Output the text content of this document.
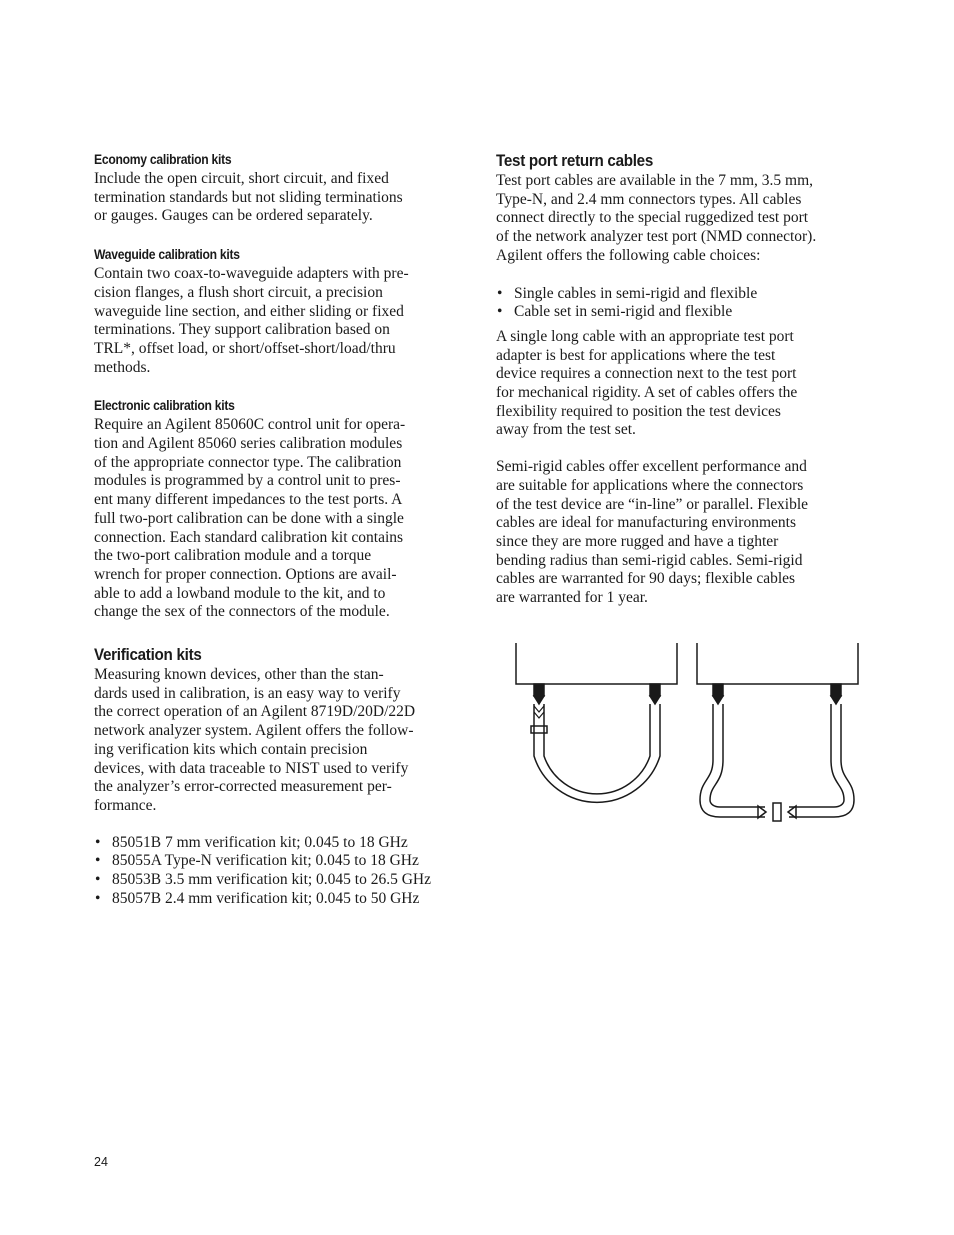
Economy calibration kits

Include the open circuit, short circuit, and fixed
termination standards but not sliding terminations
or gauges. Gauges can be ordered separately.

Waveguide calibration kits

Contain two coax-to-waveguide adapters with pre-
cision flanges, a flush short circuit, a precision
waveguide line section, and either sliding or fixed
terminations. They support calibration based on
TRL*, offset load, or short/offset-short/load/thru
methods.

Electronic calibration kits

Require an Agilent 85060C control unit for opera-
tion and Agilent 85060 series calibration modules
of the appropriate connector type. The calibration
modules is programmed by a control unit to pres-
ent many different impedances to the test ports. A
full two-port calibration can be done with a single
connection. Each standard calibration kit contains
the two-port calibration module and a torque
wrench for proper connection. Options are avail-
able to add a lowband module to the kit, and to
change the sex of the connectors of the module.

Verification kits

Measuring known devices, other than the stan-
dards used in calibration, is an easy way to verify
the correct operation of an Agilent 8719D/20D/22D
network analyzer system. Agilent offers the follow-
ing verification kits which contain precision
devices, with data traceable to NIST used to verify
the analyzer’s error-corrected measurement per-
formance.

• 85051B 7 mm verification kit; 0.045 to 18 GHz
• 85055A Type-N verification kit; 0.045 to 18 GHz
• 85053B 3.5 mm verification kit; 0.045 to 26.5 GHz
• 85057B 2.4 mm verification kit; 0.045 to 50 GHz
Test port return cables

Test port cables are available in the 7 mm, 3.5 mm,
Type-N, and 2.4 mm connectors types. All cables
connect directly to the special ruggedized test port
of the network analyzer test port (NMD connector).
Agilent offers the following cable choices:

• Single cables in semi-rigid and flexible
• Cable set in semi-rigid and flexible

A single long cable with an appropriate test port
adapter is best for applications where the test
device requires a connection next to the test port
for mechanical rigidity. A set of cables offers the
flexibility required to position the test devices
away from the test set.

Semi-rigid cables offer excellent performance and
are suitable for applications where the connectors
of the test device are “in-line” or parallel. Flexible
cables are ideal for manufacturing environments
since they are more rugged and have a tighter
bending radius than semi-rigid cables. Semi-rigid
cables are warranted for 90 days; flexible cables
are warranted for 1 year.

24
